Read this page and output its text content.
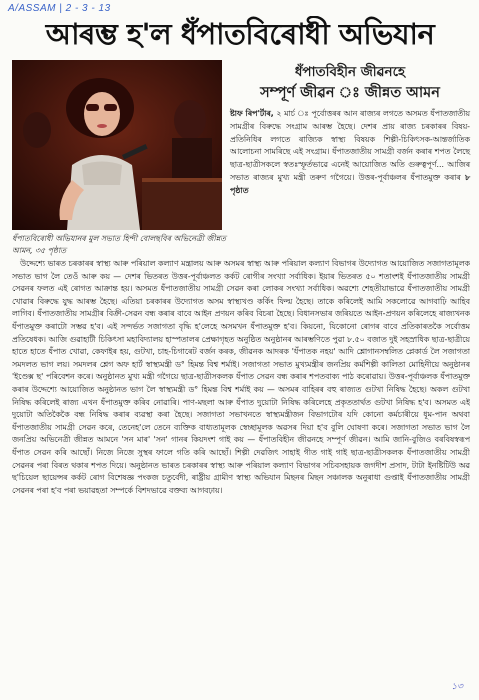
A/ASSAM | 2 - 3 - 13
আৰম্ভ হ'ল ধঁপাতবিৰোধী অভিযান
ধঁপাতবিৰোধী অভিযানৰ মুল সভাত হিন্দী বোলছবিৰ অভিনেত্ৰী জীন্নত আমন, ৩৫ পৃষ্ঠাত
ধঁপাতবিহীন জীৱনহে
সম্পূৰ্ণ জীৱন ঃ জীন্নত আমন
ষ্টাফ ৰিপ'ৰ্টাৰ, ২ মাৰ্চ ঃ পূৰ্বোত্তৰৰ আন ৰাজ্যৰ লগতে অসমত ধঁপাতজাতীয় সামগ্ৰীৰ বিৰুদ্ধে সংগ্ৰাম আৰম্ভ হৈছে। দেশৰ প্ৰায় ৰাজ্য চৰকাৰৰ বিষয়-প্ৰতিনিধিৰ লগতে ৰাজ্যিক স্বাস্থ্য বিষয়ক শিল্পী-চিকিৎসক-আন্তৰ্জাতিক আলোচনা সামৰিছে এই সংগ্ৰাম। ধঁপাতজাতীয় সামগ্ৰী বৰ্জন কৰাৰ শপত লৈছে ছাত্ৰ-ছাত্ৰীসকলে স্বতঃস্ফূৰ্তভাৱে এনেই আয়োজিত অতি গুৰুত্বপূৰ্ণ... আজিৰ সভাত ৰাজ্যৰ মুখ্য মন্ত্ৰী তৰুণ গগৈয়ে। উত্তৰ-পূৰ্বাঞ্চলৰ ধঁপাতমুক্ত কৰাৰ ৮ পৃষ্ঠাত

উদ্দেশ্যে ভাৰত চৰকাৰৰ স্বাস্থ্য আৰু পৰিয়াল কল্যাণ মন্ত্ৰালয় আৰু অসমৰ স্বাস্থ্য আৰু পৰিয়াল কল্যাণ বিভাগৰ উদ্যোগত আয়োজিত সজাগতামূলক সভাত ভাগ লৈ তেওঁ আৰু কয় — দেশৰ ভিতৰত উত্তৰ-পূৰ্বাঞ্চলত কৰ্কট ৰোগীৰ সংখ্যা সৰ্বাধিক। ইয়াৰ ভিতৰত ৫০ শতাংশই ধঁপাতজাতীয় সামগ্ৰী সেৱনৰ ফলত এই ৰোগত আক্ৰান্ত হয়। অসমত ধঁপাতজাতীয় সামগ্ৰী সেৱন কৰা লোকৰ সংখ্যা সৰ্বাধিক। অৱশ্যে শেহতীয়াভাৱে ধঁপাতজাতীয় সামগ্ৰী খোৱাৰ বিৰুদ্ধে যুদ্ধ আৰম্ভ হৈছে। এতিয়া চৰকাৰৰ উদ্যোগত অসম স্বাস্থ্যখণ্ড কৰ্কিং ফিল্ম হৈছে। তাকে কৰিলেই আমি সকলোৱে আগবাঢ়ি আহিব লাগিব। ধঁপাতজাতীয় সামগ্ৰীৰ বিক্ৰী-সেৱন বন্ধ কৰাৰ বাবে আইন প্ৰণয়ন কৰিব বিচৰা হৈছে। বিধানসভাৰ জৰিয়তে আইন-প্ৰণয়ন কৰিলেহে ৰাজ্যখনক ধঁপাতমুক্ত কৰাটো সম্ভৱ হ'ব। এই সন্দৰ্ভত সজাগতা বৃদ্ধি হ'লেহে অসমখন ধঁপাতমুক্ত হ'ব। কিয়নো, যিকোনো ৰোগৰ বাবে প্ৰতিকাৰতকৈ সৰ্বোত্তম প্ৰতিষেধক। আজি গুৱাহাটী চিকিৎসা মহাবিদ্যালয় হাস্পতালৰ প্ৰেক্ষাগৃহত অনুষ্ঠিত অনুষ্ঠানৰ আৰম্ভণিতে পুৱা ৮.৫০ বজাত দুই সহস্ৰাধিক ছাত্ৰ-ছাত্ৰীয়ে হাতে হাতে ধঁপাত খোৱা, কেফাইৰ হয়, গুটখা, চাহ-চিগাৰেট বৰ্জন কৰক, জীৱনক আদৰক 'ধঁপাতক নহয়' আদি শ্লোগানসম্বলিত প্লেকাৰ্ড লৈ সজাগতা সমদলত ভাগ লয়। সমদলৰ শ্লেগ অফ হাৰ্ট স্বাস্থ্যমন্ত্ৰী ড° হিমন্ত বিশ্ব শৰ্মাই। সজাগতা সভাত মুখ্যমন্ত্ৰীৰ জনপ্ৰিয় কৰ্মশিল্পী কালিতা মোহিনীয়ে অনুষ্ঠানৰ 'ইণ্ডেক্স ছ' পৰিবেশন কৰে। অনুষ্ঠানত মুখ্য মন্ত্ৰী গগৈয়ে ছাত্ৰ-ছাত্ৰীসকলক ধঁপাত সেৱন বন্ধ কৰাৰ শপতবাক্য পাঠ কৰোৱায়। উত্তৰ-পূৰ্বাঞ্চলক ধঁপাতমুক্ত কৰাৰ উদ্দেশ্যে আয়োজিত অনুষ্ঠানত ভাগ লৈ স্বাস্থ্যমন্ত্ৰী ড° হিমন্ত বিশ্ব শৰ্মাই কয় — অসমৰ বাহিৰৰ বহু ৰাজ্যত গুটখা নিষিদ্ধ হৈছে। অকল গুটখা নিষিদ্ধ কৰিলেই ৰাজ্য এখন ধঁপাতমুক্ত কৰিব নোৱাৰি। পাণ-মছলা আৰু ধঁপাত দুয়োটা নিষিদ্ধ কৰিলেহে প্ৰকৃততাৰ্থত গুটখা নিষিদ্ধ হ'ব। অসমত এই দুয়োটা অতিকৈকৈ বন্ধ নিষিদ্ধ কৰাৰ ব্যৱস্থা কৰা হৈছে। সজাগতা সভাখনতে স্বাস্থ্যমন্ত্ৰীজন বিভাগটোৰ যদি কোনো কৰ্মচাৰীয়ে ধূম-পান অথবা ধঁপাতজাতীয় সামগ্ৰী সেৱন কৰে, তেনেহ'লে তেনে ব্যক্তিক বাধ্যতামূলক স্বেচ্ছামূলক অৱসৰ দিয়া হ'ব বুলি ঘোষণা কৰে। সজাগতা সভাত ভাগ লৈ জনপ্ৰিয় অভিনেত্ৰী জীন্নত আমনে 'সন মাৰ' 'সন' গানৰ কিয়দংশ গাই কয় — ধঁপাতবিহীন জীৱনহে সম্পূৰ্ণ জীৱন। আমি জানি-বুজিও বৰবিষস্বৰূপ ধঁপাত সেৱন কৰি আছোঁ। নিজে নিজে সুস্থৰ ফালে গতি কৰি আছোঁ। শিল্পী দেৱজিৎ সাহাই গীত গাই গাই ছাত্ৰ-ছাত্ৰীসকলক ধঁপাতজাতীয় সামগ্ৰী সেৱনৰ পৰা বিৰত থকাৰ শপত দিয়ে। অনুষ্ঠানত ভাৰত চৰকাৰৰ স্বাস্থ্য আৰু পৰিয়াল কল্যাণ বিভাগৰ সচিবসহায়ক জগদীশ প্ৰসাদ, টাটা ইনষ্টিটিউ অৱ ছ'চিয়েল ছায়েন্সৰ কৰ্কট ৰোগ বিশেষজ্ঞ পংকজ চতুৰ্বেদী, ৰাষ্ট্ৰীয় গ্ৰামীণ স্বাস্থ্য অভিযান মিছনৰ মিছন সঞ্চালক অনুৰাধা গুপ্তাই ধঁপাতজাতীয় সামগ্ৰী সেৱনৰ পৰা হ'ব পৰা ভয়াৱহতা সম্পৰ্কে বিশদভাৱে বক্তব্য আগবঢ়ায়।

১৩
